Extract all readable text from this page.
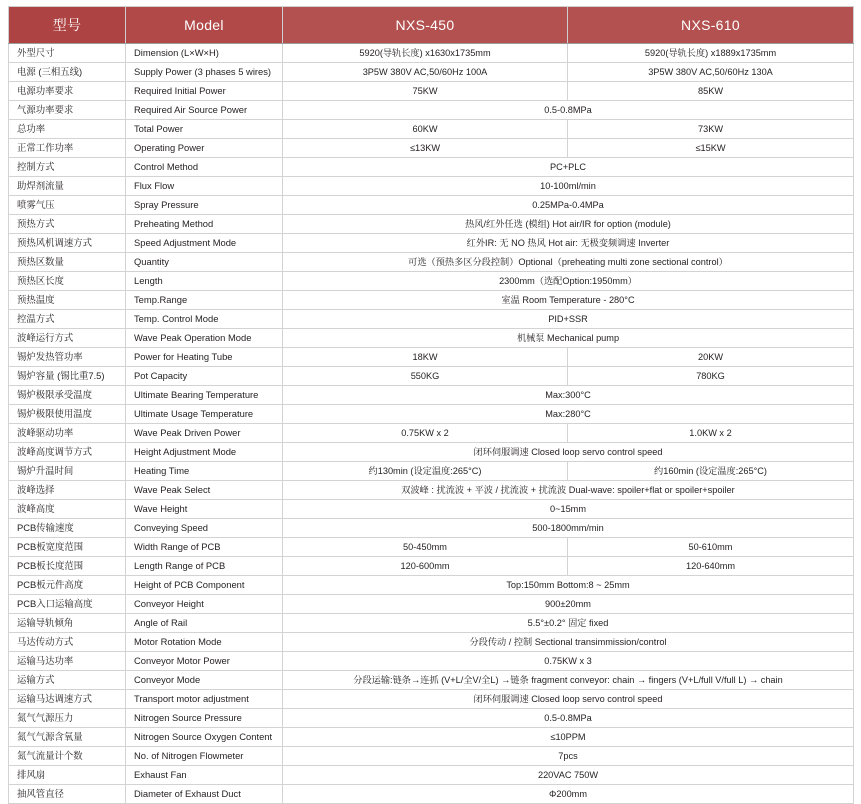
型号	Model	NXS-450	NXS-610
外型尺寸	Dimension (L×W×H)	5920(导轨长度) x1630x1735mm	5920(导轨长度) x1889x1735mm
电源 (三相五线)	Supply Power (3 phases 5 wires)	3P5W 380V AC,50/60Hz 100A	3P5W 380V AC,50/60Hz 130A
电源功率要求	Required Initial Power	75KW	85KW
气源功率要求	Required Air Source Power	0.5-0.8MPa	
总功率	Total Power	60KW	73KW
正常工作功率	Operating Power	≤13KW	≤15KW
控制方式	Control Method	PC+PLC	
助焊剂流量	Flux Flow	10-100ml/min	
喷雾气压	Spray Pressure	0.25MPa-0.4MPa	
预热方式	Preheating Method	热风/红外任选 (模组) Hot air/IR for option (module)	
预热风机调速方式	Speed Adjustment Mode	红外IR: 无 NO 热风 Hot air: 无极变频调速 Inverter	
预热区数量	Quantity	可选（预热多区分段控制）Optional（preheating multi zone sectional control）	
预热区长度	Length	2300mm（选配Option:1950mm）	
预热温度	Temp.Range	室温 Room Temperature - 280°C	
控温方式	Temp. Control Mode	PID+SSR	
波峰运行方式	Wave Peak Operation Mode	机械泵 Mechanical pump	
锡炉发热管功率	Power for Heating Tube	18KW	20KW
锡炉容量 (锡比重7.5)	Pot Capacity	550KG	780KG
锡炉极限承受温度	Ultimate Bearing Temperature	Max:300°C	
锡炉极限使用温度	Ultimate Usage Temperature	Max:280°C	
波峰驱动功率	Wave Peak Driven Power	0.75KW x 2	1.0KW x 2
波峰高度调节方式	Height Adjustment Mode	闭环伺服调速 Closed loop servo control speed	
锡炉升温时间	Heating Time	约130min (设定温度:265°C)	约160min (设定温度:265°C)
波峰选择	Wave Peak Select	双波峰 : 扰流波 + 平波 / 扰流波 + 扰流波 Dual-wave: spoiler+flat or spoiler+spoiler	
波峰高度	Wave Height	0~15mm	
PCB传输速度	Conveying Speed	500-1800mm/min	
PCB板宽度范围	Width Range of PCB	50-450mm	50-610mm
PCB板长度范围	Length Range of PCB	120-600mm	120-640mm
PCB板元件高度	Height of PCB Component	Top:150mm Bottom:8 ~ 25mm	
PCB入口运输高度	Conveyor Height	900±20mm	
运输导轨倾角	Angle of Rail	5.5°±0.2° 固定 fixed	
马达传动方式	Motor Rotation Mode	分段传动 / 控制 Sectional transimmission/control	
运输马达功率	Conveyor Motor Power	0.75KW x 3	
运输方式	Conveyor Mode	分段运输:链条→连抓 (V+L/全V/全L) →链条 fragment conveyor: chain → fingers (V+L/full V/full L) → chain	
运输马达调速方式	Transport motor adjustment	闭环伺服调速 Closed loop servo control speed	
氮气气源压力	Nitrogen Source Pressure	0.5-0.8MPa	
氮气气源含氧量	Nitrogen Source Oxygen Content	≤10PPM	
氮气流量计个数	No. of Nitrogen Flowmeter	7pcs	
排风扇	Exhaust Fan	220VAC 750W	
抽风管直径	Diameter of Exhaust Duct	Φ200mm	
